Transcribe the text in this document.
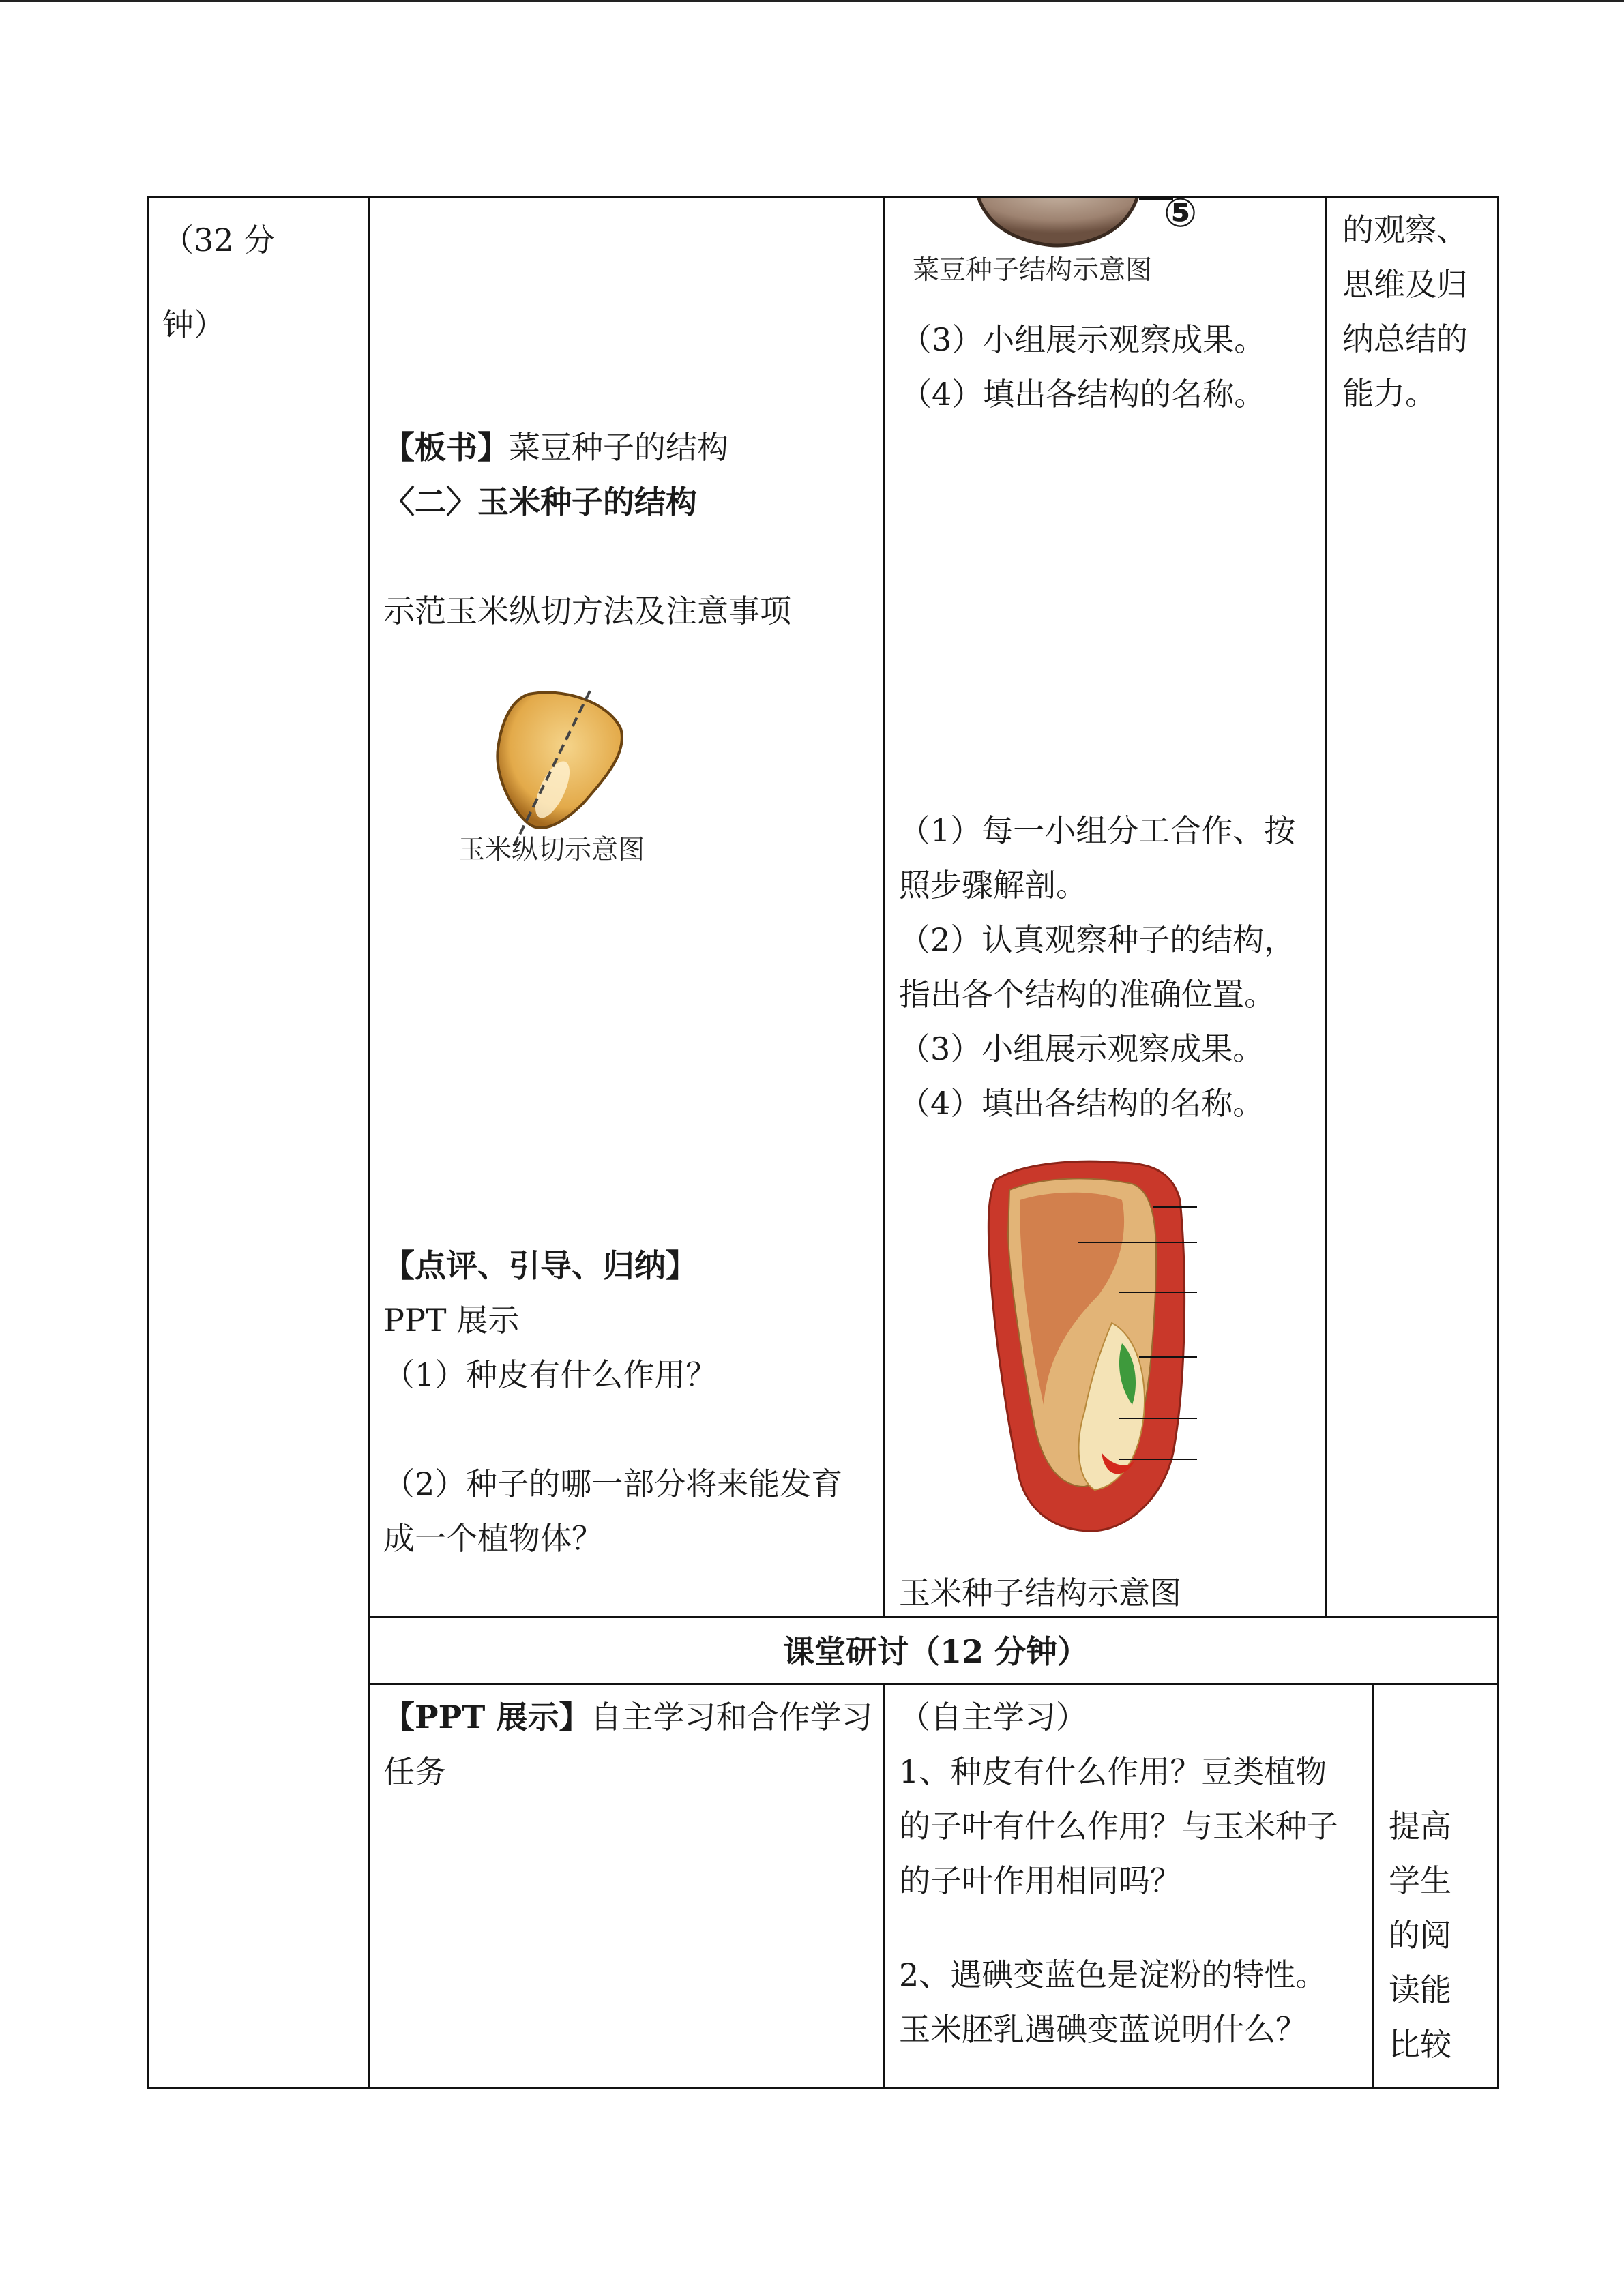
（32 分
钟）
的观察、
思维及归
纳总结的
能力。
⑤
菜豆种子结构示意图
（3）小组展示观察成果。
（4）填出各结构的名称。
【板书】菜豆种子的结构
〈二〉玉米种子的结构
示范玉米纵切方法及注意事项
玉米纵切示意图
（1）每一小组分工合作、按
照步骤解剖。
（2）认真观察种子的结构，
指出各个结构的准确位置。
（3）小组展示观察成果。
（4）填出各结构的名称。
玉米种子结构示意图
【点评、引导、归纳】
PPT 展示
（1）种皮有什么作用？
（2）种子的哪一部分将来能发育
成一个植物体？
课堂研讨（12 分钟）
【PPT 展示】自主学习和合作学习
任务
（自主学习）
1、种皮有什么作用？豆类植物
的子叶有什么作用？与玉米种子
的子叶作用相同吗？
2、遇碘变蓝色是淀粉的特性。
玉米胚乳遇碘变蓝说明什么？
提高
学生
的阅
读能
比较
